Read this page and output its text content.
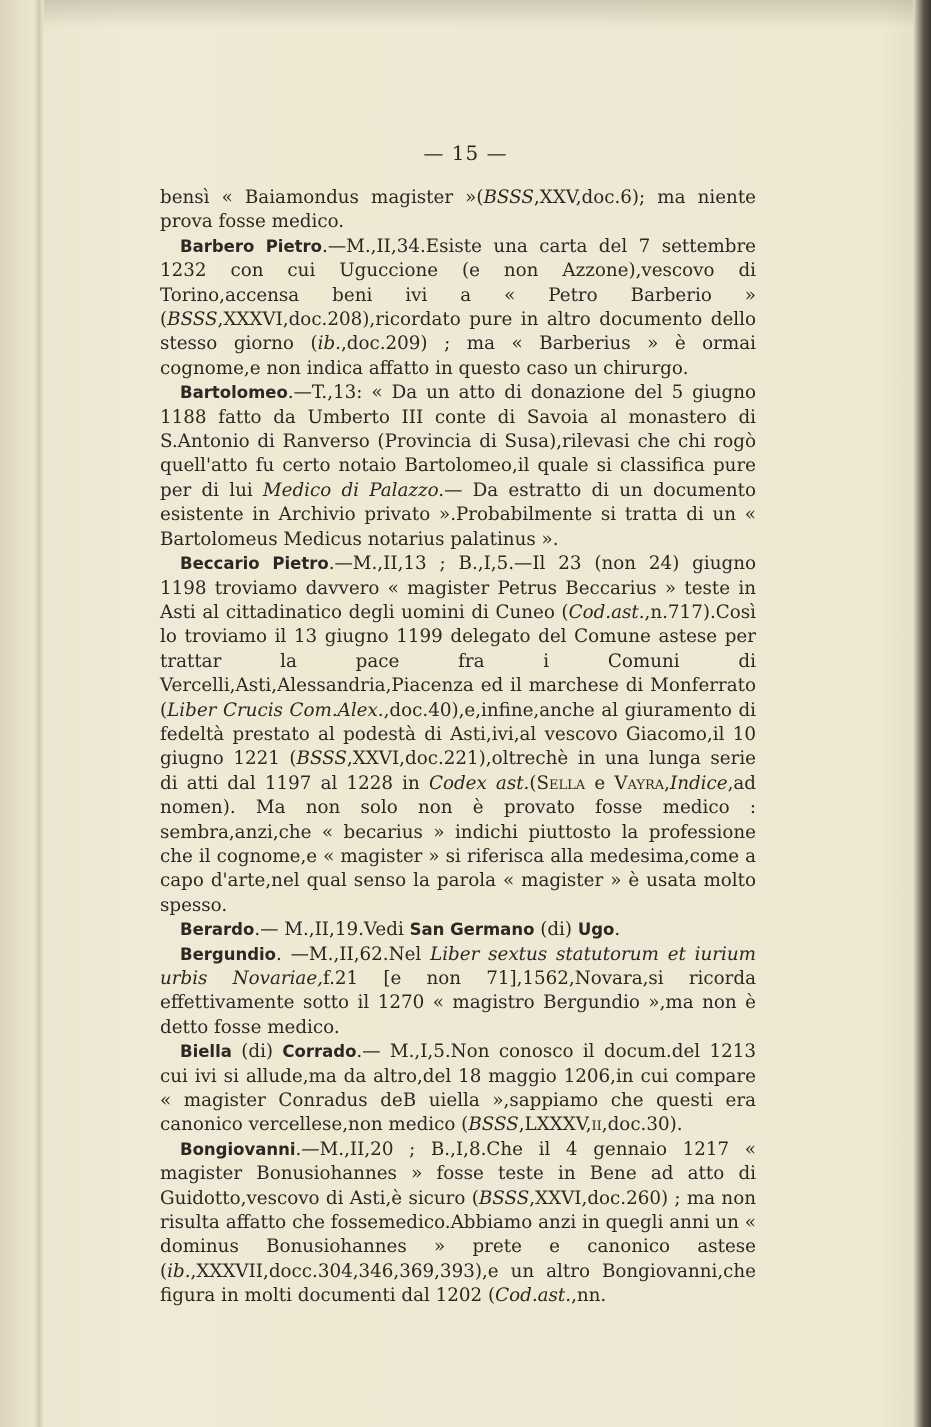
— 15 —

bensì « Baiamondus magister »(BSSS,XXV,doc.6); ma niente prova fosse medico.

Barbero Pietro.—M.,II,34.Esiste una carta del 7 settembre 1232 con cui Uguccione (e non Azzone),vescovo di Torino,accensa beni ivi a « Petro Barberio » (BSSS,XXXVI,doc.208),ricordato pure in altro documento dello stesso giorno (ib.,doc.209) ; ma « Barberius » è ormai cognome,e non indica affatto in questo caso un chirurgo.

Bartolomeo.—T.,13: « Da un atto di donazione del 5 giugno 1188 fatto da Umberto III conte di Savoia al monastero di S.Antonio di Ranverso (Provincia di Susa),rilevasi che chi rogò quell'atto fu certo notaio Bartolomeo,il quale si classifica pure per di lui Medico di Palazzo.— Da estratto di un documento esistente in Archivio privato ».Probabilmente si tratta di un « Bartolomeus Medicus notarius palatinus ».

Beccario Pietro.—M.,II,13 ; B.,I,5.—Il 23 (non 24) giugno 1198 troviamo davvero « magister Petrus Beccarius » teste in Asti al cittadinatico degli uomini di Cuneo (Cod.ast.,n.717).Così lo troviamo il 13 giugno 1199 delegato del Comune astese per trattar la pace fra i Comuni di Vercelli,Asti,Alessandria,Piacenza ed il marchese di Monferrato (Liber Crucis Com.Alex.,doc.40),e,infine,anche al giuramento di fedeltà prestato al podestà di Asti,ivi,al vescovo Giacomo,il 10 giugno 1221 (BSSS,XXVI,doc.221),oltrechè in una lunga serie di atti dal 1197 al 1228 in Codex ast.(Sella e Vayra,Indice,ad nomen). Ma non solo non è provato fosse medico : sembra,anzi,che « becarius » indichi piuttosto la professione che il cognome,e « magister » si riferisca alla medesima,come a capo d'arte,nel qual senso la parola « magister » è usata molto spesso.

Berardo.— M.,II,19.Vedi San Germano (di) Ugo.

Bergundio. —M.,II,62.Nel Liber sextus statutorum et iurium urbis Novariae,f.21 [e non 71],1562,Novara,si ricorda effettivamente sotto il 1270 « magistro Bergundio »,ma non è detto fosse medico.

Biella (di) Corrado.— M.,I,5.Non conosco il docum.del 1213 cui ivi si allude,ma da altro,del 18 maggio 1206,in cui compare « magister Conradus deB uiella »,sappiamo che questi era canonico vercellese,non medico (BSSS,LXXXV,ii,doc.30).

Bongiovanni.—M.,II,20 ; B.,I,8.Che il 4 gennaio 1217 « magister Bonusiohannes » fosse teste in Bene ad atto di Guidotto,vescovo di Asti,è sicuro (BSSS,XXVI,doc.260) ; ma non risulta affatto che fossemedico.Abbiamo anzi in quegli anni un « dominus Bonusiohannes » prete e canonico astese (ib.,XXXVII,docc.304,346,369,393),e un altro Bongiovanni,che figura in molti documenti dal 1202 (Cod.ast.,nn.
